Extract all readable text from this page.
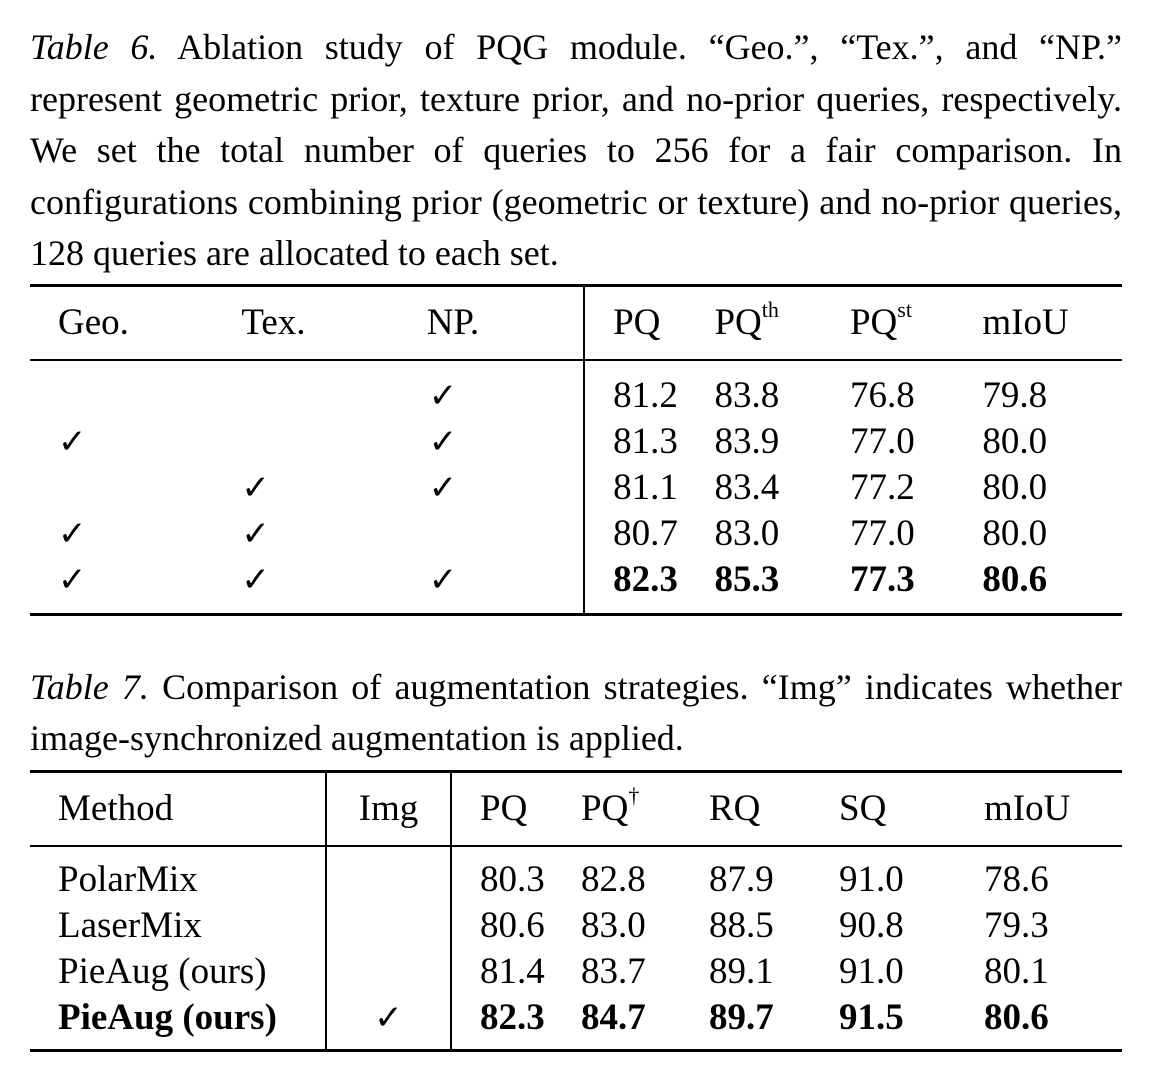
Table 6. Ablation study of PQG module. “Geo.”, “Tex.”, and “NP.” represent geometric prior, texture prior, and no-prior queries, respectively. We set the total number of queries to 256 for a fair comparison. In configurations combining prior (geometric or texture) and no-prior queries, 128 queries are allocated to each set.

Geo.	Tex.	NP.	PQ	$PQ^{th}$	$PQ^{st}$	mIoU
		✓	81.2	83.8	76.8	79.8
✓		✓	81.3	83.9	77.0	80.0
	✓	✓	81.1	83.4	77.2	80.0
✓	✓		80.7	83.0	77.0	80.0
✓	✓	✓	82.3	85.3	77.3	80.6

Table 7. Comparison of augmentation strategies. “Img” indicates whether image-synchronized augmentation is applied.

Method	Img	PQ	PQ†	RQ	SQ	mIoU
PolarMix		80.3	82.8	87.9	91.0	78.6
LaserMix		80.6	83.0	88.5	90.8	79.3
PieAug (ours)		81.4	83.7	89.1	91.0	80.1
PieAug (ours)	✓	82.3	84.7	89.7	91.5	80.6
